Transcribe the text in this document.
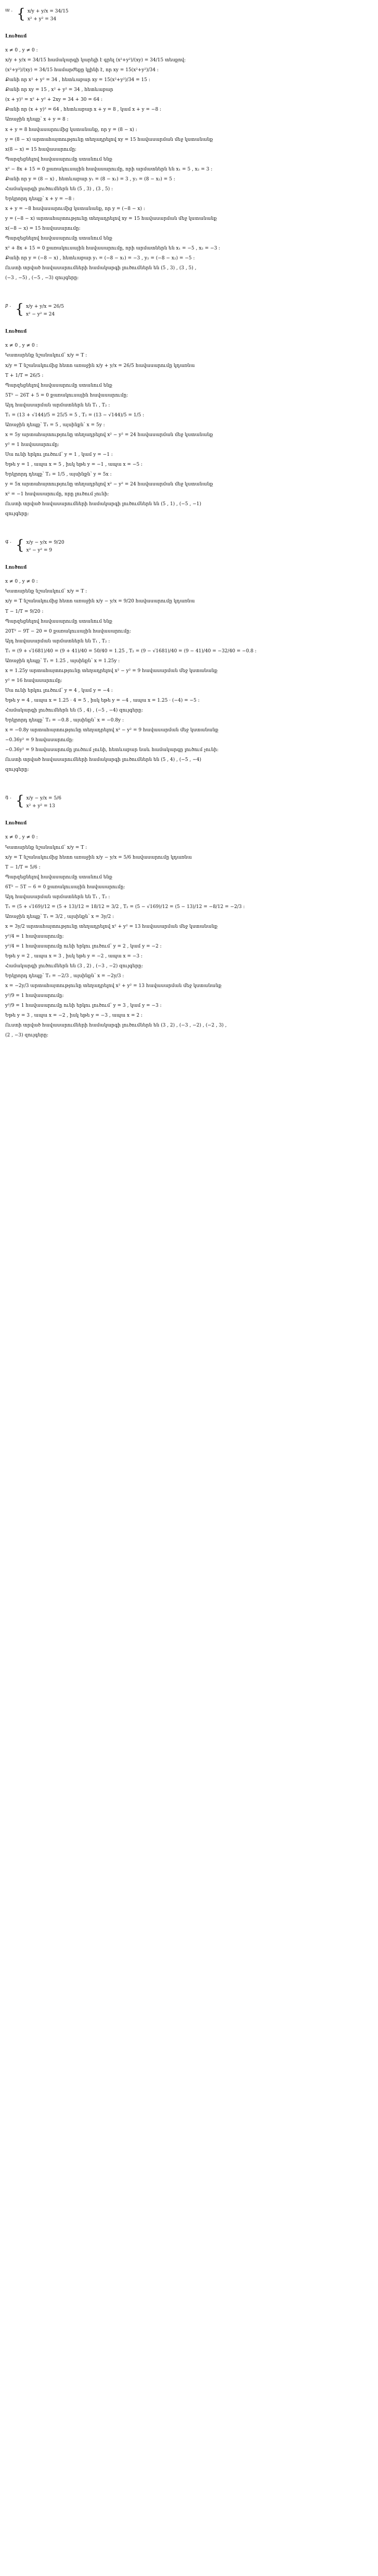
ա . { x/y + y/x = 34/15
x² + y² = 34
Լուծում
x ≠ 0 , y ≠ 0 :
x/y + y/x = 34/15 համակարգի կարելի է գրել (x²+y²)/(xy) = 34/15 տեսքով:
(x²+y²)/(xy) = 34/15 համարժեքը կլինի է, որ xy = 15(x²+y²)/34 :
Քանի որ x² + y² = 34 , հետևաբար xy = 15(x²+y²)/34 = 15 :
Քանի որ xy = 15 , x² + y² = 34 , հետևաբար
(x + y)² = x² + y² + 2xy = 34 + 30 = 64 :
Քանի որ (x + y)² = 64 , հետևաբար x + y = 8 , կամ x + y = −8 :
Առաջին դեպք՝ x + y = 8 :
x + y = 8 հավասարումից կստանանք, որ y = (8 − x) :
y = (8 − x) արտահայտությունը տեղադրելով xy = 15 հավասարման մեջ կստանանք
x(8 − x) = 15 հավասարումը:
Պարզեցնելով հավասարումը ստանում ենք
x² − 8x + 15 = 0 քառակուսային հավասարումը, որի արմատներն են x₁ = 5 , x₂ = 3 :
Քանի որ y = (8 − x) , հետևաբար y₁ = (8 − x₁) = 3 , y₂ = (8 − x₂) = 5 :
Համակարգի լուծումներն են (5 , 3) , (3 , 5) :
Երկրորդ դեպք՝ x + y = −8 :
x + y = −8 հավասարումից կստանանք, որ y = (−8 − x) :
y = (−8 − x) արտահայտությունը տեղադրելով xy = 15 հավասարման մեջ կստանանք
x(−8 − x) = 15 հավասարումը:
Պարզեցնելով հավասարումը ստանում ենք
x² + 8x + 15 = 0 քառակուսային հավասարումը, որի արմատներն են x₁ = −5 , x₂ = −3 :
Քանի որ y = (−8 − x) , հետևաբար y₁ = (−8 − x₁) = −3 , y₂ = (−8 − x₂) = −5 :
Ուստի տրված հավասարումների համակարգի լուծումներն են (5 , 3) , (3 , 5) ,
(−3 , −5) , (−5 , −3) զույգերը:
բ . { x/y + y/x = 26/5
x² − y² = 24
Լուծում
x ≠ 0 , y ≠ 0 :
Կատարենք նշանակում՝ x/y = T :
x/y = T նշանակումից հետո առաջին x/y + y/x = 26/5 հավասարումը կդառնա
T + 1/T = 26/5 :
Պարզեցնելով հավասարումը ստանում ենք
5T² − 26T + 5 = 0 քառակուսային հավասարումը:
Այդ հավասարման արմատներն են T₁ , T₂ :
T₁ = (13 + √144)/5 = 25/5 = 5 , T₂ = (13 − √144)/5 = 1/5 :
Առաջին դեպք՝ T₁ = 5 , այսինքն՝ x = 5y :
x = 5y արտահայտությունը տեղադրելով x² − y² = 24 հավասարման մեջ կստանանք
y² = 1 հավասարումը:
Սա ունի երկու լուծում՝ y = 1 , կամ y = −1 :
Եթե y = 1 , ապա x = 5 , իսկ եթե y = −1 , ապա x = −5 :
Երկրորդ դեպք՝ T₂ = 1/5 , այսինքն՝ y = 5x :
y = 5x արտահայտությունը տեղադրելով x² − y² = 24 հավասարման մեջ կստանանք
x² = −1 հավասարումը, որը լուծում չունի:
Ուստի տրված հավասարումների համակարգի լուծումներն են (5 , 1) , (−5 , −1)
զույգերը:
գ . { x/y − y/x = 9/20
x² − y² = 9
Լուծում
x ≠ 0 , y ≠ 0 :
Կատարենք նշանակում՝ x/y = T :
x/y = T նշանակումից հետո առաջին x/y − y/x = 9/20 հավասարումը կդառնա
T − 1/T = 9/20 :
Պարզեցնելով հավասարումը ստանում ենք
20T² − 9T − 20 = 0 քառակուսային հավասարումը:
Այդ հավասարման արմատներն են T₁ , T₂ :
T₁ = (9 + √1681)/40 = (9 + 41)/40 = 50/40 = 1.25 , T₂ = (9 − √1681)/40 = (9 − 41)/40 = −32/40 = −0.8 :
Առաջին դեպք՝ T₁ = 1.25 , այսինքն՝ x = 1.25y :
x = 1.25y արտահայտությունը տեղադրելով x² − y² = 9 հավասարման մեջ կստանանք
y² = 16 հավասարումը:
Սա ունի երկու լուծում՝ y = 4 , կամ y = −4 :
Եթե y = 4 , ապա x = 1.25 · 4 = 5 , իսկ եթե y = −4 , ապա x = 1.25 · (−4) = −5 :
Համակարգի լուծումներն են (5 , 4) , (−5 , −4) զույգերը:
Երկրորդ դեպք՝ T₂ = −0.8 , այսինքն՝ x = −0.8y :
x = −0.8y արտահայտությունը տեղադրելով x² − y² = 9 հավասարման մեջ կստանանք
−0.36y² = 9 հավասարումը:
−0.36y² = 9 հավասարումը լուծում չունի, հետևաբար նաև համակարգը լուծում չունի:
Ուստի տրված հավասարումների համակարգի լուծումներն են (5 , 4) , (−5 , −4)
զույգերը:
դ . { x/y − y/x = 5/6
x² + y² = 13
Լուծում
x ≠ 0 , y ≠ 0 :
Կատարենք նշանակում՝ x/y = T :
x/y = T նշանակումից հետո առաջին x/y − y/x = 5/6 հավասարումը կդառնա
T − 1/T = 5/6 :
Պարզեցնելով հավասարումը ստանում ենք
6T² − 5T − 6 = 0 քառակուսային հավասարումը:
Այդ հավասարման արմատներն են T₁ , T₂ :
T₁ = (5 + √169)/12 = (5 + 13)/12 = 18/12 = 3/2 , T₂ = (5 − √169)/12 = (5 − 13)/12 = −8/12 = −2/3 :
Առաջին դեպք՝ T₁ = 3/2 , այսինքն՝ x = 3y/2 :
x = 3y/2 արտահայտությունը տեղադրելով x² + y² = 13 հավասարման մեջ կստանանք
y²/4 = 1 հավասարումը:
y²/4 = 1 հավասարումը ունի երկու լուծում՝ y = 2 , կամ y = −2 :
Եթե y = 2 , ապա x = 3 , իսկ եթե y = −2 , ապա x = −3 :
Համակարգի լուծումներն են (3 , 2) , (−3 , −2) զույգերը:
Երկրորդ դեպք՝ T₂ = −2/3 , այսինքն՝ x = −2y/3 :
x = −2y/3 արտահայտությունը տեղադրելով x² + y² = 13 հավասարման մեջ կստանանք
y²/9 = 1 հավասարումը:
y²/9 = 1 հավասարումը ունի երկու լուծում՝ y = 3 , կամ y = −3 :
Եթե y = 3 , ապա x = −2 , իսկ եթե y = −3 , ապա x = 2 :
Ուստի տրված հավասարումների համակարգի լուծումներն են (3 , 2) , (−3 , −2) , (−2 , 3) ,
(2 , −3) զույգերը:
